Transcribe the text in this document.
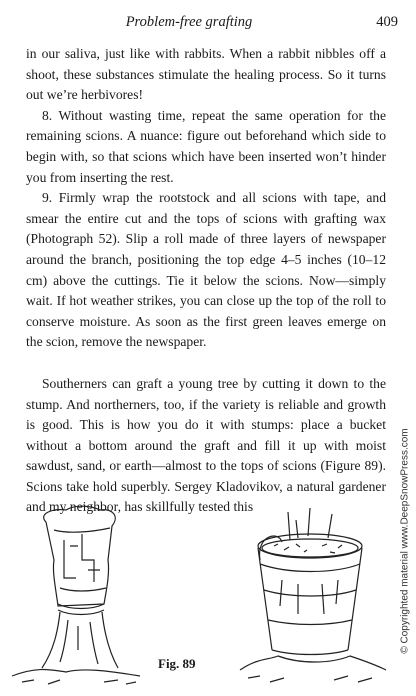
Problem-free grafting	409

in our saliva, just like with rabbits. When a rabbit nibbles off a shoot, these substances stimulate the healing process. So it turns out we’re herbivores!

8. Without wasting time, repeat the same operation for the remaining scions. A nuance: figure out beforehand which side to begin with, so that scions which have been inserted won’t hinder you from inserting the rest.

9. Firmly wrap the rootstock and all scions with tape, and smear the entire cut and the tops of scions with grafting wax (Photograph 52). Slip a roll made of three layers of newspaper around the branch, positioning the top edge 4–5 inches (10–12 cm) above the cuttings. Tie it below the scions. Now—simply wait. If hot weather strikes, you can close up the top of the roll to conserve moisture. As soon as the first green leaves emerge on the scion, remove the newspaper.

Southerners can graft a young tree by cutting it down to the stump. And northerners, too, if the variety is reliable and growth is good. This is how you do it with stumps: place a bucket without a bottom around the graft and fill it up with moist sawdust, sand, or earth—almost to the tops of scions (Figure 89). Scions take hold superbly. Sergey Kladovikov, a natural gardener and my neighbor, has skillfully tested this	© Copyrighted material www.DeepSnowPress.com
Fig. 89
